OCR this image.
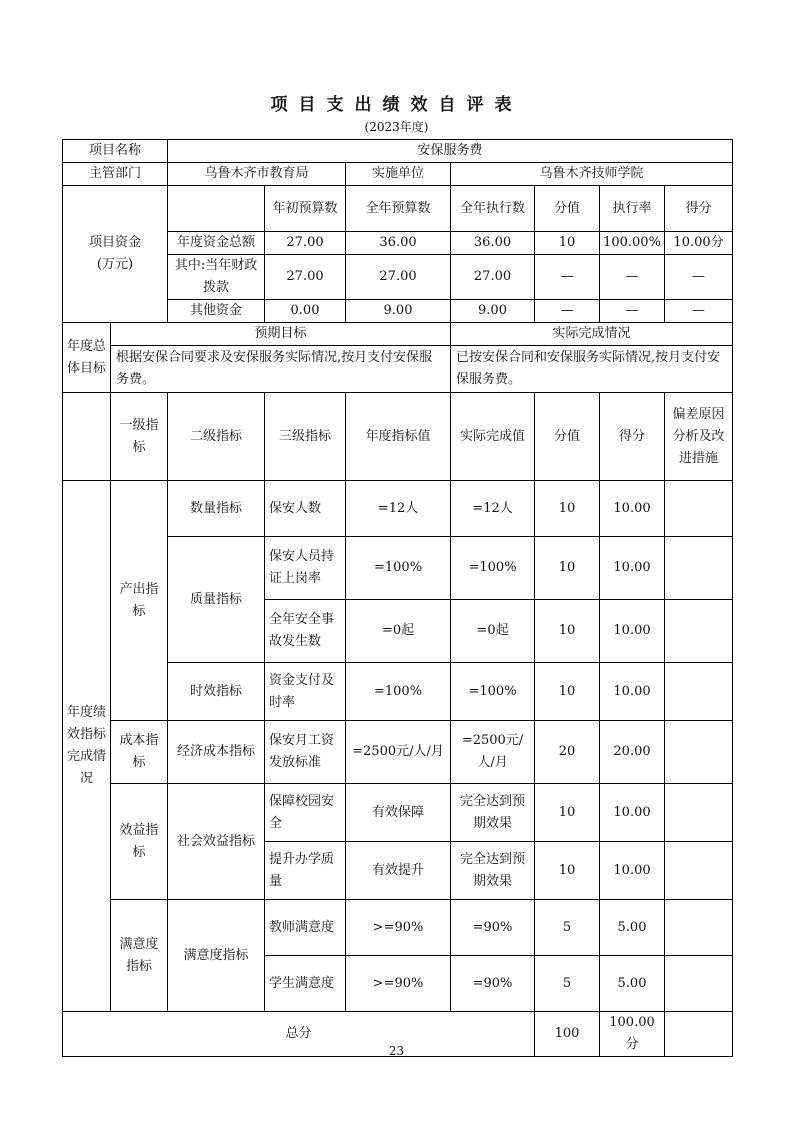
项目支出绩效自评表
(2023年度)
项目名称		安保服务费						
主管部门		乌鲁木齐市教育局		实施单位	乌鲁木齐技师学院			

项目资金
(万元)			年初预算数	全年预算数	全年执行数	分值	执行率	得分
		年度资金总额	27.00	36.00	36.00	10	100.00%	10.00分
		其中:当年财政拨款	27.00	27.00	27.00	—	—	—
		其他资金	0.00	9.00	9.00	—	—	—
年度总体目标	预期目标				实际完成情况			
	根据安保合同要求及安保服务实际情况,按月支付安保服务费。				已按安保合同和安保服务实际情况,按月支付安保服务费。			
	一级指标	二级指标	三级指标	年度指标值	实际完成值	分值	得分	偏差原因分析及改进措施
年度绩效指标完成情况	产出指标	数量指标	保安人数	=12人	=12人	10	10.00	
		质量指标	保安人员持证上岗率	=100%	=100%	10	10.00	
			全年安全事故发生数	=0起	=0起	10	10.00	
		时效指标	资金支付及时率	=100%	=100%	10	10.00	
	成本指标	经济成本指标	保安月工资发放标准	=2500元/人/月	=2500元/人/月	20	20.00	
	效益指标	社会效益指标	保障校园安全	有效保障	完全达到预期效果	10	10.00	
			提升办学质量	有效提升	完全达到预期效果	10	10.00	
	满意度指标	满意度指标	教师满意度	>=90%	=90%	5	5.00	
			学生满意度	>=90%	=90%	5	5.00	
总分						100	100.00分	
23
